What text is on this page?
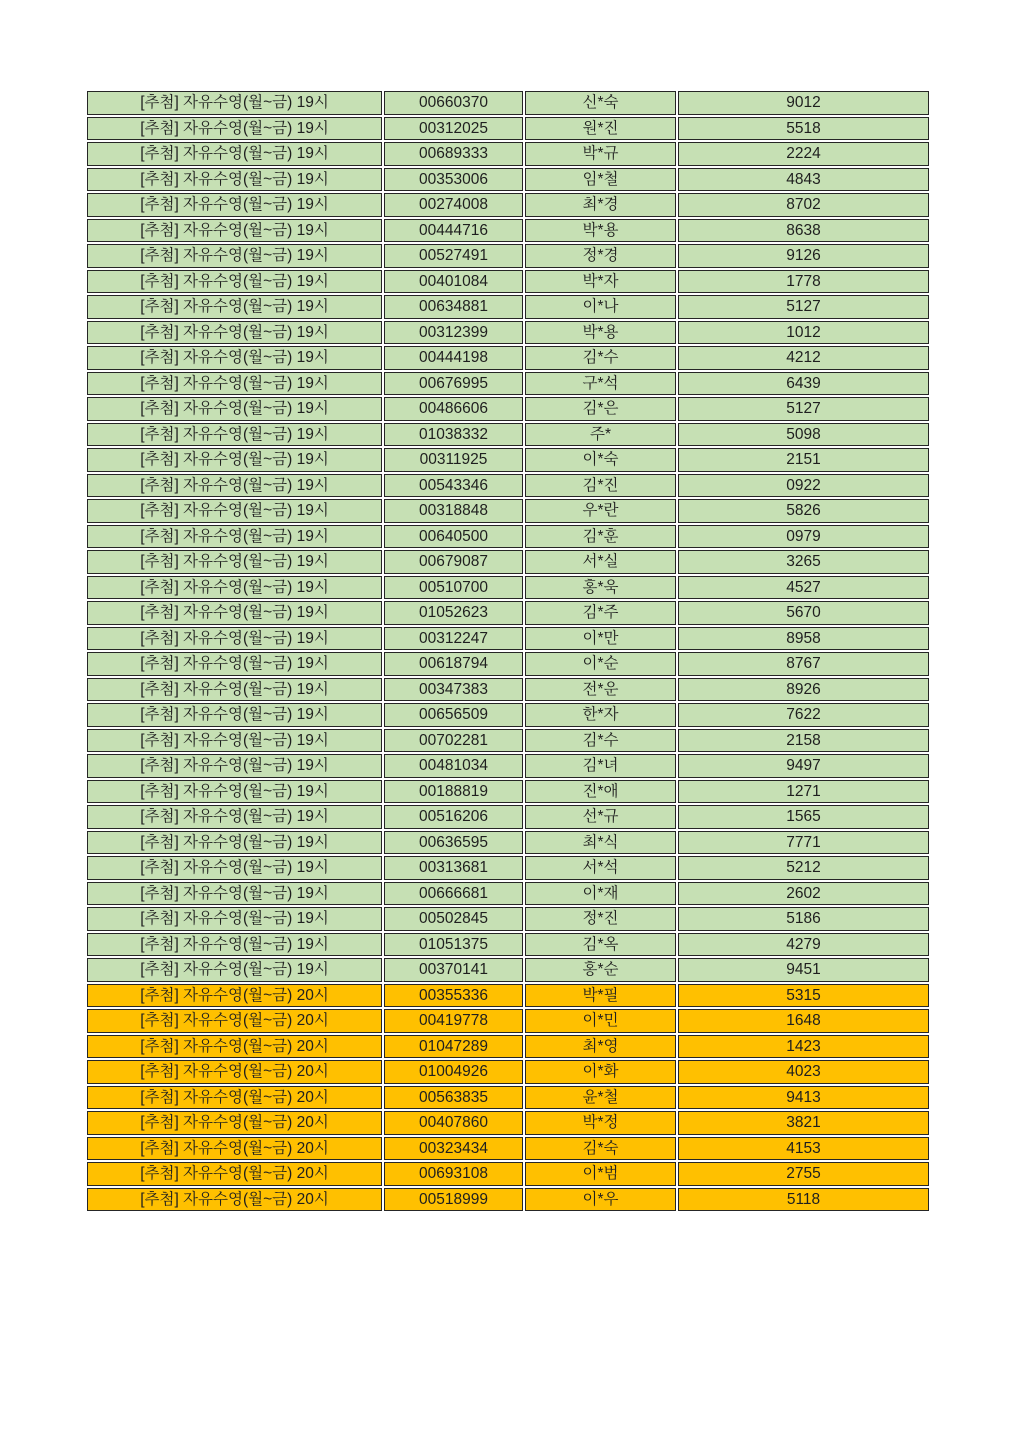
[추첨] 자유수영(월~금) 19시	00660370	신*숙	9012
[추첨] 자유수영(월~금) 19시	00312025	원*진	5518
[추첨] 자유수영(월~금) 19시	00689333	박*규	2224
[추첨] 자유수영(월~금) 19시	00353006	임*철	4843
[추첨] 자유수영(월~금) 19시	00274008	최*경	8702
[추첨] 자유수영(월~금) 19시	00444716	박*용	8638
[추첨] 자유수영(월~금) 19시	00527491	정*경	9126
[추첨] 자유수영(월~금) 19시	00401084	박*자	1778
[추첨] 자유수영(월~금) 19시	00634881	이*나	5127
[추첨] 자유수영(월~금) 19시	00312399	박*용	1012
[추첨] 자유수영(월~금) 19시	00444198	김*수	4212
[추첨] 자유수영(월~금) 19시	00676995	구*석	6439
[추첨] 자유수영(월~금) 19시	00486606	김*은	5127
[추첨] 자유수영(월~금) 19시	01038332	주*	5098
[추첨] 자유수영(월~금) 19시	00311925	이*숙	2151
[추첨] 자유수영(월~금) 19시	00543346	김*진	0922
[추첨] 자유수영(월~금) 19시	00318848	우*란	5826
[추첨] 자유수영(월~금) 19시	00640500	김*훈	0979
[추첨] 자유수영(월~금) 19시	00679087	서*실	3265
[추첨] 자유수영(월~금) 19시	00510700	홍*욱	4527
[추첨] 자유수영(월~금) 19시	01052623	김*주	5670
[추첨] 자유수영(월~금) 19시	00312247	이*만	8958
[추첨] 자유수영(월~금) 19시	00618794	이*순	8767
[추첨] 자유수영(월~금) 19시	00347383	전*운	8926
[추첨] 자유수영(월~금) 19시	00656509	한*자	7622
[추첨] 자유수영(월~금) 19시	00702281	김*수	2158
[추첨] 자유수영(월~금) 19시	00481034	김*녀	9497
[추첨] 자유수영(월~금) 19시	00188819	진*애	1271
[추첨] 자유수영(월~금) 19시	00516206	선*규	1565
[추첨] 자유수영(월~금) 19시	00636595	최*식	7771
[추첨] 자유수영(월~금) 19시	00313681	서*석	5212
[추첨] 자유수영(월~금) 19시	00666681	이*재	2602
[추첨] 자유수영(월~금) 19시	00502845	정*진	5186
[추첨] 자유수영(월~금) 19시	01051375	김*옥	4279
[추첨] 자유수영(월~금) 19시	00370141	홍*순	9451
[추첨] 자유수영(월~금) 20시	00355336	박*필	5315
[추첨] 자유수영(월~금) 20시	00419778	이*민	1648
[추첨] 자유수영(월~금) 20시	01047289	최*영	1423
[추첨] 자유수영(월~금) 20시	01004926	이*화	4023
[추첨] 자유수영(월~금) 20시	00563835	윤*철	9413
[추첨] 자유수영(월~금) 20시	00407860	박*정	3821
[추첨] 자유수영(월~금) 20시	00323434	김*숙	4153
[추첨] 자유수영(월~금) 20시	00693108	이*범	2755
[추첨] 자유수영(월~금) 20시	00518999	이*우	5118
